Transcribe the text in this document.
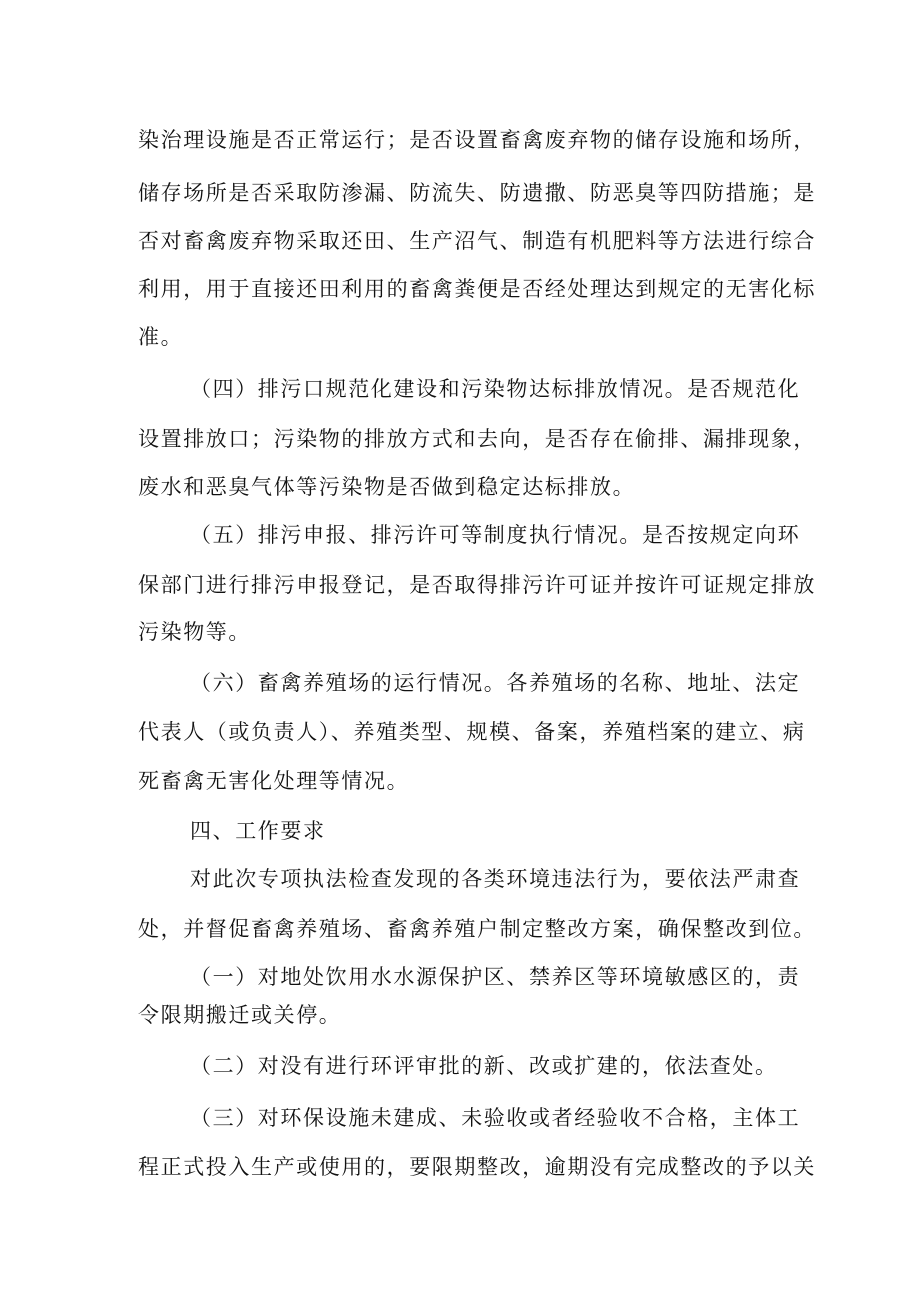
染治理设施是否正常运行；是否设置畜禽废弃物的储存设施和场所，

储存场所是否采取防渗漏、防流失、防遗撒、防恶臭等四防措施；是

否对畜禽废弃物采取还田、生产沼气、制造有机肥料等方法进行综合

利用，用于直接还田利用的畜禽粪便是否经处理达到规定的无害化标

准。

（四）排污口规范化建设和污染物达标排放情况。是否规范化

设置排放口；污染物的排放方式和去向，是否存在偷排、漏排现象，

废水和恶臭气体等污染物是否做到稳定达标排放。

（五）排污申报、排污许可等制度执行情况。是否按规定向环

保部门进行排污申报登记，是否取得排污许可证并按许可证规定排放

污染物等。

（六）畜禽养殖场的运行情况。各养殖场的名称、地址、法定

代表人（或负责人）、养殖类型、规模、备案，养殖档案的建立、病

死畜禽无害化处理等情况。

四、工作要求

对此次专项执法检查发现的各类环境违法行为，要依法严肃查

处，并督促畜禽养殖场、畜禽养殖户制定整改方案，确保整改到位。

（一）对地处饮用水水源保护区、禁养区等环境敏感区的，责

令限期搬迁或关停。

（二）对没有进行环评审批的新、改或扩建的，依法查处。

（三）对环保设施未建成、未验收或者经验收不合格，主体工

程正式投入生产或使用的，要限期整改，逾期没有完成整改的予以关
